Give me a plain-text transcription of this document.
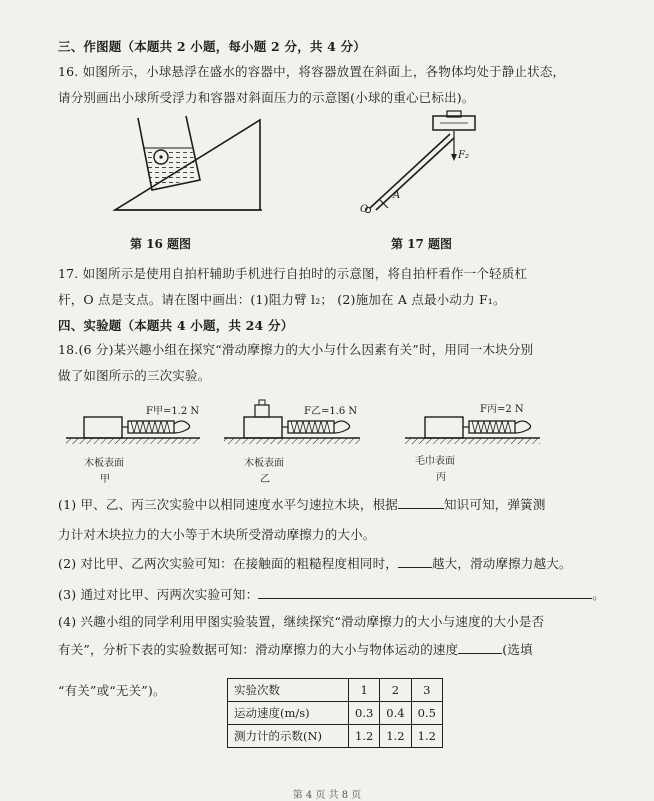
三、作图题（本题共 2 小题，每小题 2 分，共 4 分）
16. 如图所示，小球悬浮在盛水的容器中，将容器放置在斜面上，各物体均处于静止状态，
请分别画出小球所受浮力和容器对斜面压力的示意图(小球的重心已标出)。
O
A
F₂
第 16 题图	第 17 题图
17. 如图所示是使用自拍杆辅助手机进行自拍时的示意图，将自拍杆看作一个轻质杠
杆，O 点是支点。请在图中画出：(1)阻力臂 l₂； (2)施加在 A 点最小动力 F₁。
四、实验题（本题共 4 小题，共 24 分）
18.(6 分)某兴趣小组在探究“滑动摩擦力的大小与什么因素有关”时，用同一木块分别
做了如图所示的三次实验。
F甲=1.2 N	F乙=1.6 N	F丙=2 N
木板表面	木板表面	毛巾表面
甲	乙	丙
(1) 甲、乙、丙三次实验中以相同速度水平匀速拉木块，根据	知识可知，弹簧测
力计对木块拉力的大小等于木块所受滑动摩擦力的大小。
(2) 对比甲、乙两次实验可知：在接触面的粗糙程度相同时，	越大，滑动摩擦力越大。
(3) 通过对比甲、丙两次实验可知：	。
(4) 兴趣小组的同学利用甲图实验装置，继续探究“滑动摩擦力的大小与速度的大小是否
有关”，分析下表的实验数据可知：滑动摩擦力的大小与物体运动的速度	(选填
“有关”或“无关”)。	实验次数	1	2	3
运动速度(m/s)	0.3	0.4	0.5
测力计的示数(N)	1.2	1.2	1.2
第 4 页 共 8 页
